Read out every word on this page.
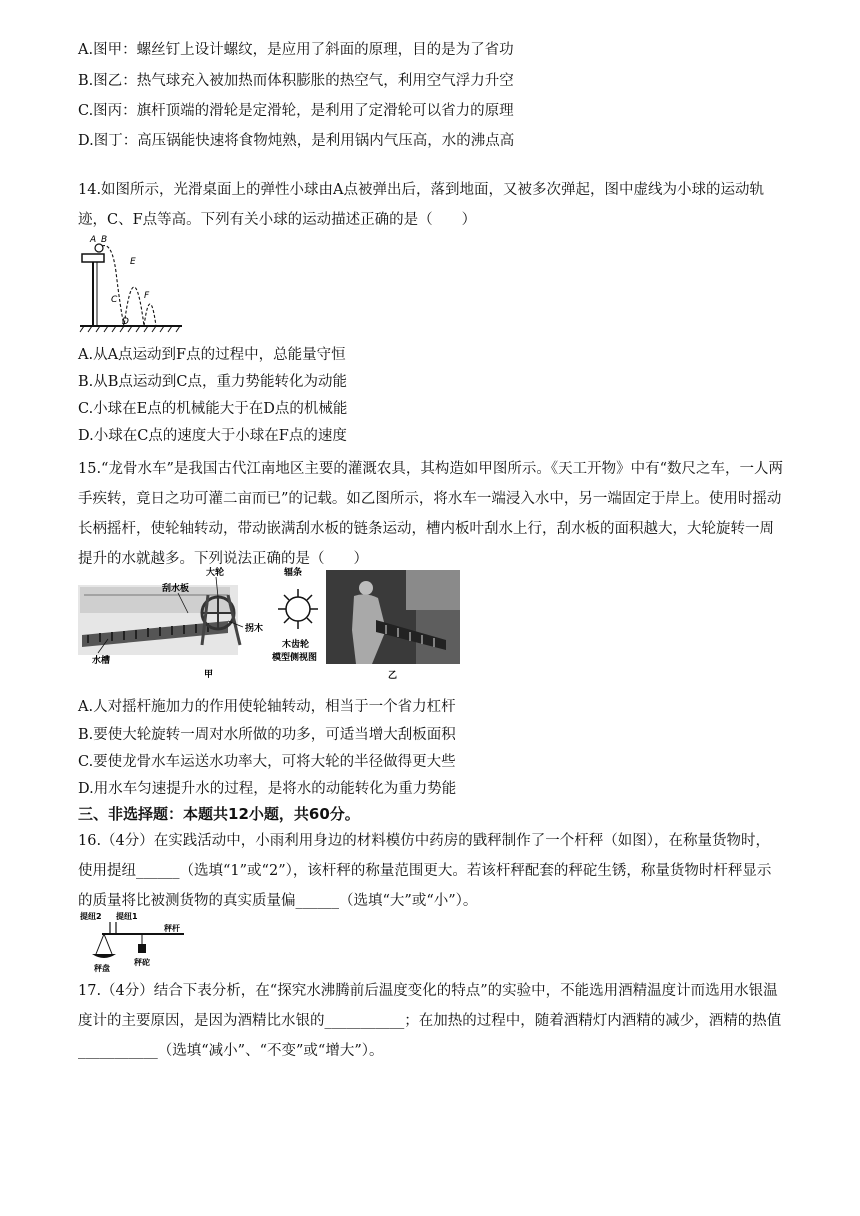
A.图甲：螺丝钉上设计螺纹，是应用了斜面的原理，目的是为了省功
B.图乙：热气球充入被加热而体积膨胀的热空气，利用空气浮力升空
C.图丙：旗杆顶端的滑轮是定滑轮，是利用了定滑轮可以省力的原理
D.图丁：高压锅能快速将食物炖熟，是利用锅内气压高，水的沸点高
14.如图所示，光滑桌面上的弹性小球由A点被弹出后，落到地面，又被多次弹起，图中虚线为小球的运动轨迹，C、F点等高。下列有关小球的运动描述正确的是（　　）
A B
C
D
E
F
A.从A点运动到F点的过程中，总能量守恒
B.从B点运动到C点，重力势能转化为动能
C.小球在E点的机械能大于在D点的机械能
D.小球在C点的速度大于小球在F点的速度
15.“龙骨水车”是我国古代江南地区主要的灌溉农具，其构造如甲图所示。《天工开物》中有“数尺之车，一人两手疾转，竟日之功可灌二亩而已”的记载。如乙图所示，将水车一端浸入水中，另一端固定于岸上。使用时摇动长柄摇杆，使轮轴转动，带动嵌满刮水板的链条运动，槽内板叶刮水上行，刮水板的面积越大，大轮旋转一周提升的水就越多。下列说法正确的是（　　）
大轮
刮水板
拐木
水槽
甲
辐条
木齿轮
模型侧视图
乙
A.人对摇杆施加力的作用使轮轴转动，相当于一个省力杠杆
B.要使大轮旋转一周对水所做的功多，可适当增大刮板面积
C.要使龙骨水车运送水功率大，可将大轮的半径做得更大些
D.用水车匀速提升水的过程，是将水的动能转化为重力势能
三、非选择题：本题共12小题，共60分。
16.（4分）在实践活动中，小雨利用身边的材料模仿中药房的戥秤制作了一个杆秤（如图），在称量货物时，使用提纽______（选填“1”或“2”），该杆秤的称量范围更大。若该杆秤配套的秤砣生锈，称量货物时杆秤显示的质量将比被测货物的真实质量偏______（选填“大”或“小”）。
提纽2 提纽1
秤杆
秤盘
秤砣
17.（4分）结合下表分析，在“探究水沸腾前后温度变化的特点”的实验中，不能选用酒精温度计而选用水银温度计的主要原因，是因为酒精比水银的___________；在加热的过程中，随着酒精灯内酒精的减少，酒精的热值___________（选填“减小”、“不变”或“增大”）。
